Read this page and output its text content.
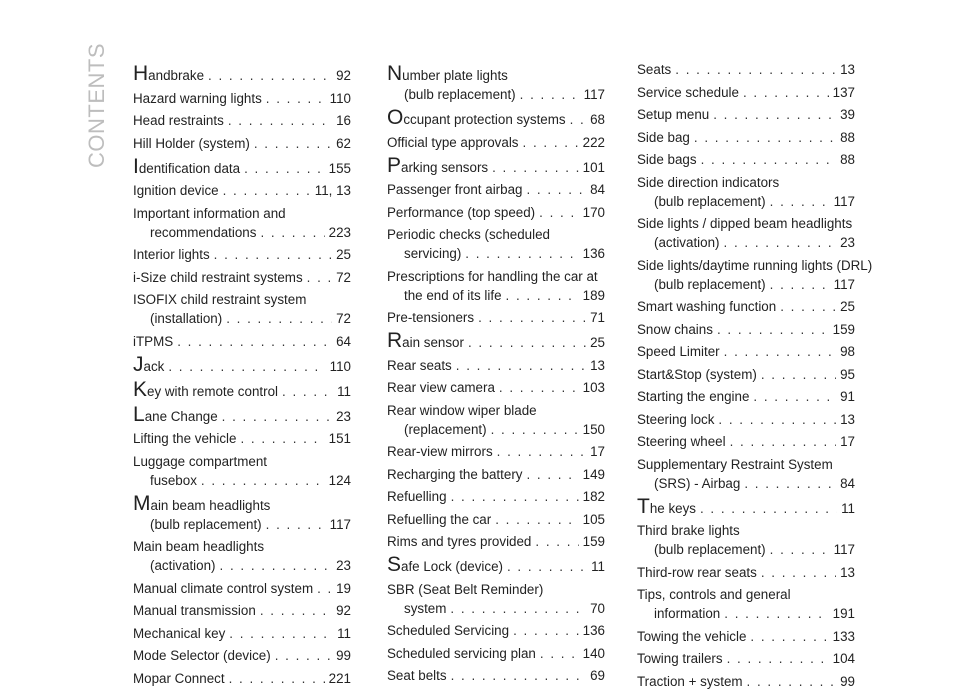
CONTENTS Handbrake . . .	92
Hazard warning lights . . .	110
Head restraints . . .	16
Hill Holder (system) . . .	62
Identification data . . .	155
Ignition device . . .	11, 13
Important information and
recommendations . . .	223
Interior lights . . .	25
i-Size child restraint systems . . . 72
ISOFIX child restraint system
(installation) . . .	72
iTPMS . . .	64
Jack . . .	110
Key with remote control . . .	11
Lane Change . . .	23
Lifting the vehicle . . .	151
Luggage compartment
fusebox . . .	124
Main beam headlights
(bulb replacement) . . .	117
Main beam headlights
(activation) . . .	23
Manual climate control system . . . 19
Manual transmission . . .	92
Mechanical key . . .	11
Mode Selector (device) . . .	99
Mopar Connect . . .	221
Number plate lights
(bulb replacement) . . .	117
Occupant protection systems . . . 68
Official type approvals . . .	222
Parking sensors . . .	101
Passenger front airbag . . .	84
Performance (top speed) . . .	170
Periodic checks (scheduled
servicing) . . .	136
Prescriptions for handling the car at
the end of its life . . .	189
Pre-tensioners . . .	71
Rain sensor . . .	25
Rear seats . . .	13
Rear view camera . . .	103
Rear window wiper blade
(replacement) . . .	150
Rear-view mirrors . . .	17
Recharging the battery . . .	149
Refuelling . . .	182
Refuelling the car . . .	105
Rims and tyres provided . . .	159
Safe Lock (device) . . .	11
SBR (Seat Belt Reminder)
system . . .	70
Scheduled Servicing . . .	136
Scheduled servicing plan . . .	140
Seat belts . . .	69
Seats . . .	13
Service schedule . . .	137
Setup menu . . .	39
Side bag . . .	88
Side bags . . .	88
Side direction indicators
(bulb replacement) . . .	117
Side lights / dipped beam headlights
(activation) . . .	23
Side lights/daytime running lights (DRL)
(bulb replacement) . . .	117
Smart washing function . . .	25
Snow chains . . .	159
Speed Limiter . . .	98
Start&Stop (system) . . .	95
Starting the engine . . .	91
Steering lock . . .	13
Steering wheel . . .	17
Supplementary Restraint System
(SRS) - Airbag . . .	84
The keys . . .	11
Third brake lights
(bulb replacement) . . .	117
Third-row rear seats . . .	13
Tips, controls and general
information . . .	191
Towing the vehicle . . .	133
Towing trailers . . .	104
Traction + system . . .	99
